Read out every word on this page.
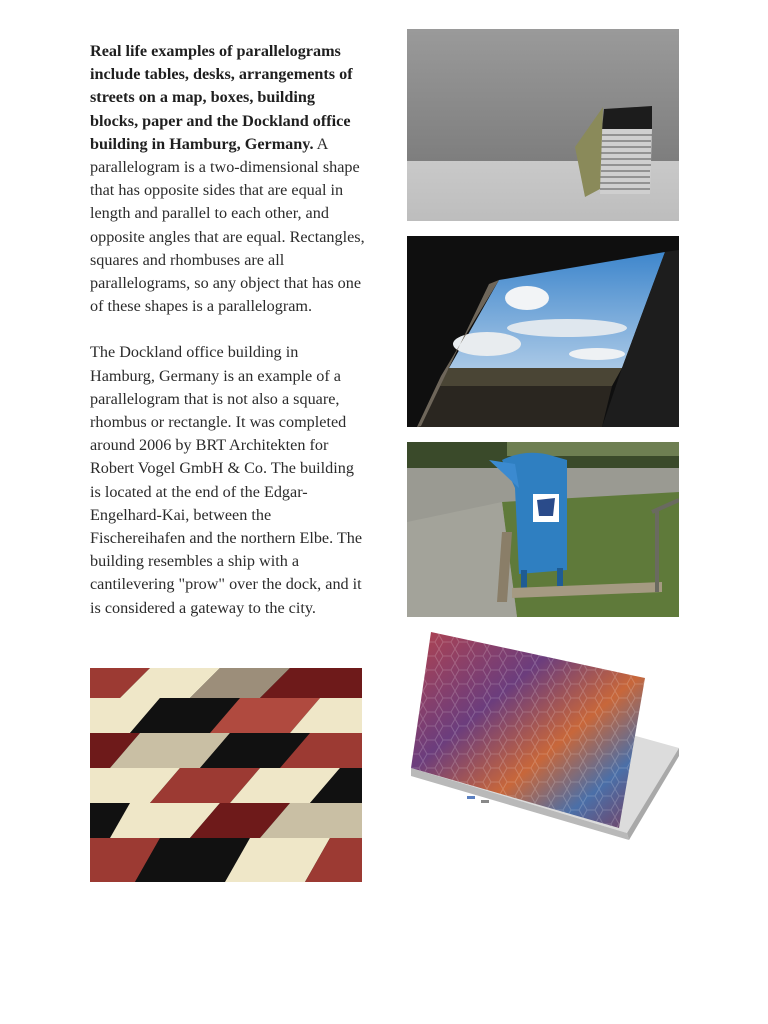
Real life examples of parallelograms include tables, desks, arrangements of streets on a map, boxes, building blocks, paper and the Dockland office building in Hamburg, Germany. A parallelogram is a two-dimensional shape that has opposite sides that are equal in length and parallel to each other, and opposite angles that are equal. Rectangles, squares and rhombuses are all parallelograms, so any object that has one of these shapes is a parallelogram.

The Dockland office building in Hamburg, Germany is an example of a parallelogram that is not also a square, rhombus or rectangle. It was completed around 2006 by BRT Architekten for Robert Vogel GmbH & Co. The building is located at the end of the Edgar-Engelhard-Kai, between the Fischereihafen and the northern Elbe. The building resembles a ship with a cantilevering "prow" over the dock, and it is considered a gateway to the city.
